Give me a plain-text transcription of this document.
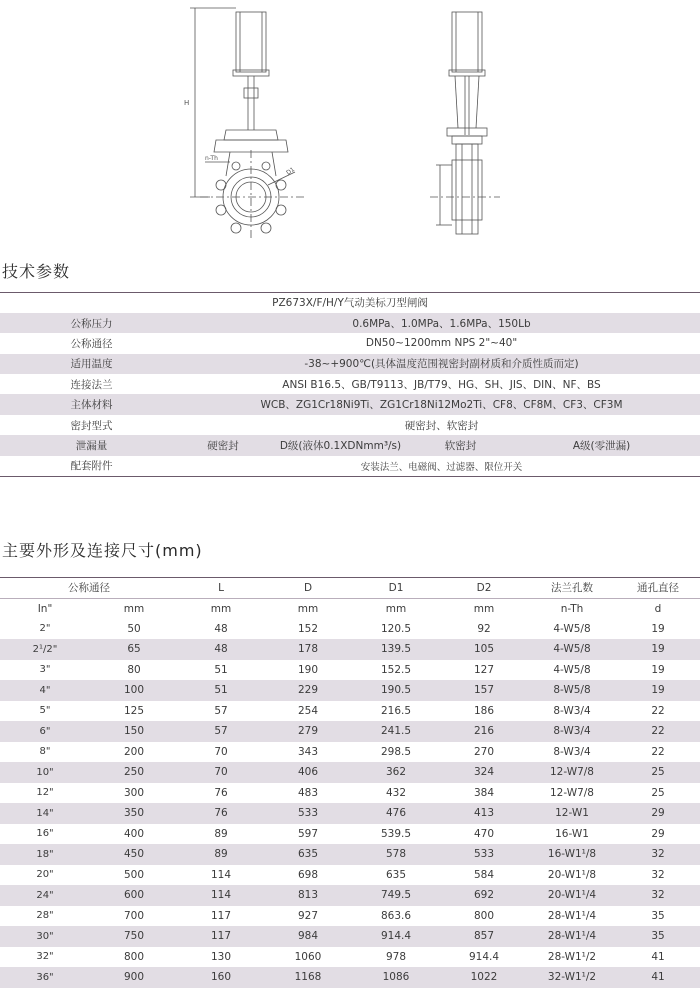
H
n-Th
D1
技术参数
PZ673X/F/H/Y气动美标刀型闸阀				
公称压力	0.6MPa、1.0MPa、1.6MPa、150Lb			
公称通径	DN50~1200mm NPS 2"~40"			
适用温度	-38~+900℃(具体温度范围视密封副材质和介质性质而定)			
连接法兰	ANSI B16.5、GB/T9113、JB/T79、HG、SH、JIS、DIN、NF、BS			
主体材料	WCB、ZG1Cr18Ni9Ti、ZG1Cr18Ni12Mo2Ti、CF8、CF8M、CF3、CF3M			
密封型式	硬密封、软密封			
泄漏量	硬密封	D级(液体0.1XDNmm³/s)	软密封	A级(零泄漏)
配套附件	安装法兰、电磁阀、过滤器、限位开关			
主要外形及连接尺寸(mm)
公称通径		L	D	D1	D2	法兰孔数	通孔直径
In"	mm	mm	mm	mm	mm	n-Th	d
2"	50	48	152	120.5	92	4-W5/8	19
2¹/2"	65	48	178	139.5	105	4-W5/8	19
3"	80	51	190	152.5	127	4-W5/8	19
4"	100	51	229	190.5	157	8-W5/8	19
5"	125	57	254	216.5	186	8-W3/4	22
6"	150	57	279	241.5	216	8-W3/4	22
8"	200	70	343	298.5	270	8-W3/4	22
10"	250	70	406	362	324	12-W7/8	25
12"	300	76	483	432	384	12-W7/8	25
14"	350	76	533	476	413	12-W1	29
16"	400	89	597	539.5	470	16-W1	29
18"	450	89	635	578	533	16-W1¹/8	32
20"	500	114	698	635	584	20-W1¹/8	32
24"	600	114	813	749.5	692	20-W1¹/4	32
28"	700	117	927	863.6	800	28-W1¹/4	35
30"	750	117	984	914.4	857	28-W1¹/4	35
32"	800	130	1060	978	914.4	28-W1¹/2	41
36"	900	160	1168	1086	1022	32-W1¹/2	41
